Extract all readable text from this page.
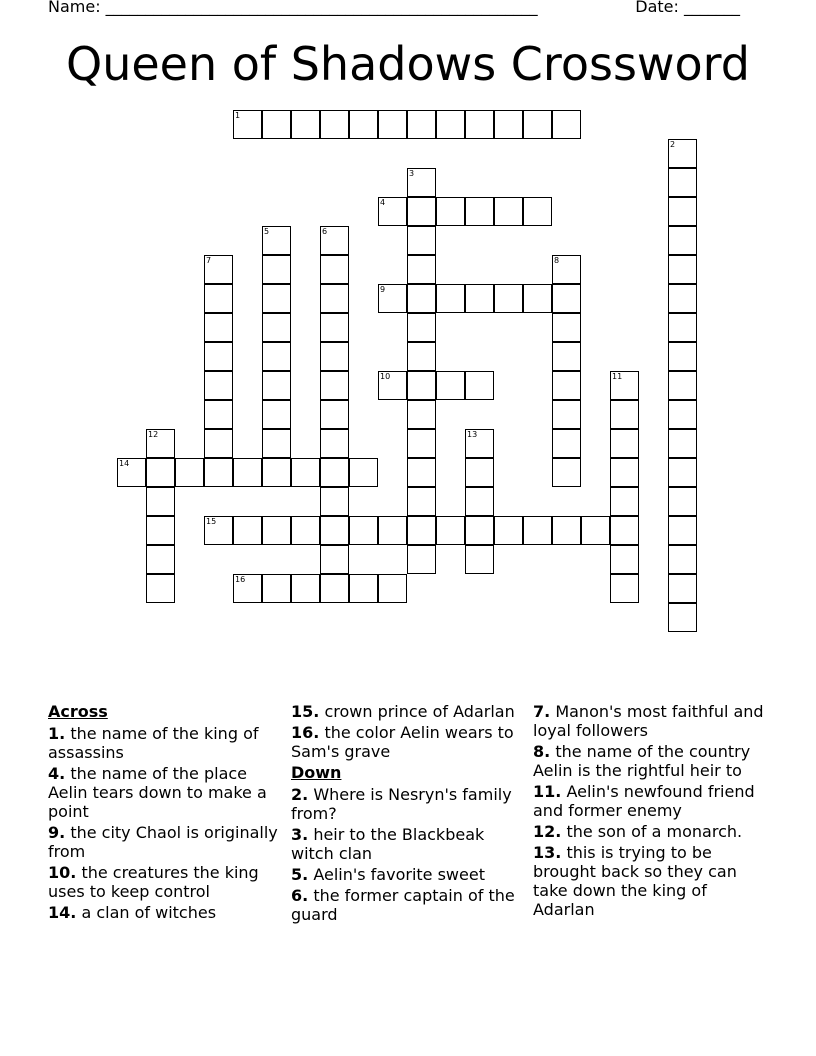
Name: ______________________________________________________	Date: _______
Queen of Shadows Crossword
1
2
3
4
5	6
7	8
9
10	11
12	13
14
15
16
Across
1. the name of the king of assassins
4. the name of the place Aelin tears down to make a point
9. the city Chaol is originally from
10. the creatures the king uses to keep control
14. a clan of witches
15. crown prince of Adarlan
16. the color Aelin wears to Sam's grave
Down
2. Where is Nesryn's family from?
3. heir to the Blackbeak witch clan
5. Aelin's favorite sweet
6. the former captain of the guard
7. Manon's most faithful and loyal followers
8. the name of the country Aelin is the rightful heir to
11. Aelin's newfound friend and former enemy
12. the son of a monarch.
13. this is trying to be brought back so they can take down the king of Adarlan
